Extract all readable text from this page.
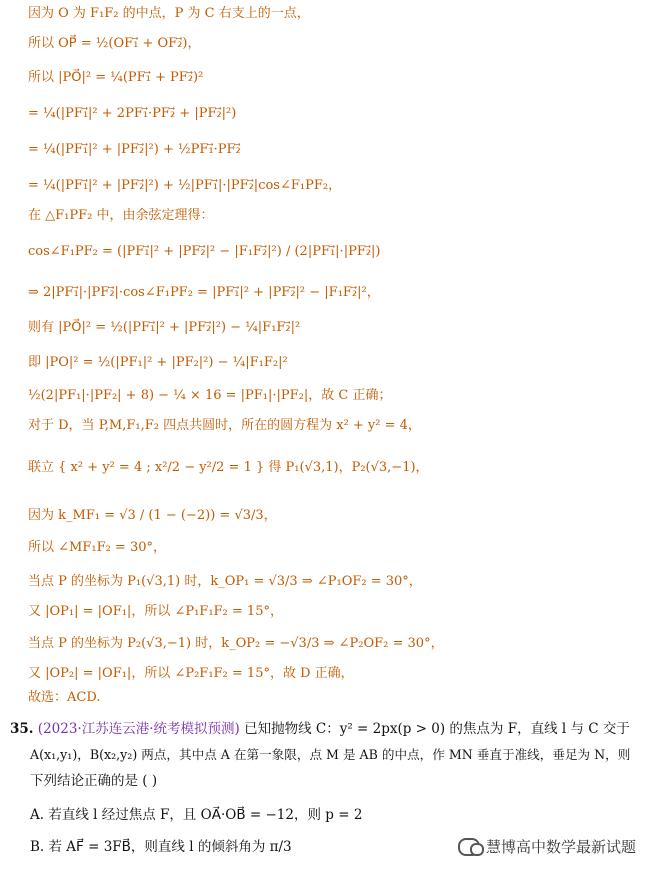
因为 O 为 F₁F₂ 的中点，P 为 C 右支上的一点，
所以 OP⃗ = ½(OF₁⃗ + OF₂⃗)，
所以 |PO⃗|² = ¼(PF₁⃗ + PF₂⃗)²
= ¼(|PF₁⃗|² + 2PF₁⃗·PF₂⃗ + |PF₂⃗|²)
= ¼(|PF₁⃗|² + |PF₂⃗|²) + ½PF₁⃗·PF₂⃗
= ¼(|PF₁⃗|² + |PF₂⃗|²) + ½|PF₁⃗|·|PF₂⃗|cos∠F₁PF₂，
在 △F₁PF₂ 中，由余弦定理得：
cos∠F₁PF₂ = (|PF₁⃗|² + |PF₂⃗|² − |F₁F₂⃗|²) / (2|PF₁⃗|·|PF₂⃗|)
⇒ 2|PF₁⃗|·|PF₂⃗|·cos∠F₁PF₂ = |PF₁⃗|² + |PF₂⃗|² − |F₁F₂⃗|²，
则有 |PO⃗|² = ½(|PF₁⃗|² + |PF₂⃗|²) − ¼|F₁F₂⃗|²
即 |PO|² = ½(|PF₁|² + |PF₂|²) − ¼|F₁F₂|²
½(2|PF₁|·|PF₂| + 8) − ¼ × 16 = |PF₁|·|PF₂|，故 C 正确；
对于 D，当 P,M,F₁,F₂ 四点共圆时，所在的圆方程为 x² + y² = 4，
联立 { x² + y² = 4 ; x²/2 − y²/2 = 1 } 得 P₁(√3,1)，P₂(√3,−1)，
因为 k_MF₁ = √3 / (1 − (−2)) = √3/3，
所以 ∠MF₁F₂ = 30°，
当点 P 的坐标为 P₁(√3,1) 时，k_OP₁ = √3/3 ⇒ ∠P₁OF₂ = 30°，
又 |OP₁| = |OF₁|，所以 ∠P₁F₁F₂ = 15°，
当点 P 的坐标为 P₂(√3,−1) 时，k_OP₂ = −√3/3 ⇒ ∠P₂OF₂ = 30°，
又 |OP₂| = |OF₁|，所以 ∠P₂F₁F₂ = 15°，故 D 正确，
故选：ACD.
35. (2023·江苏连云港·统考模拟预测) 已知抛物线 C：y² = 2px(p > 0) 的焦点为 F，直线 l 与 C 交于
A(x₁,y₁)，B(x₂,y₂) 两点，其中点 A 在第一象限，点 M 是 AB 的中点，作 MN 垂直于准线，垂足为 N，则
下列结论正确的是 ( )
A. 若直线 l 经过焦点 F，且 OA⃗·OB⃗ = −12，则 p = 2
B. 若 AF⃗ = 3FB⃗，则直线 l 的倾斜角为 π/3	慧博高中数学最新试题
